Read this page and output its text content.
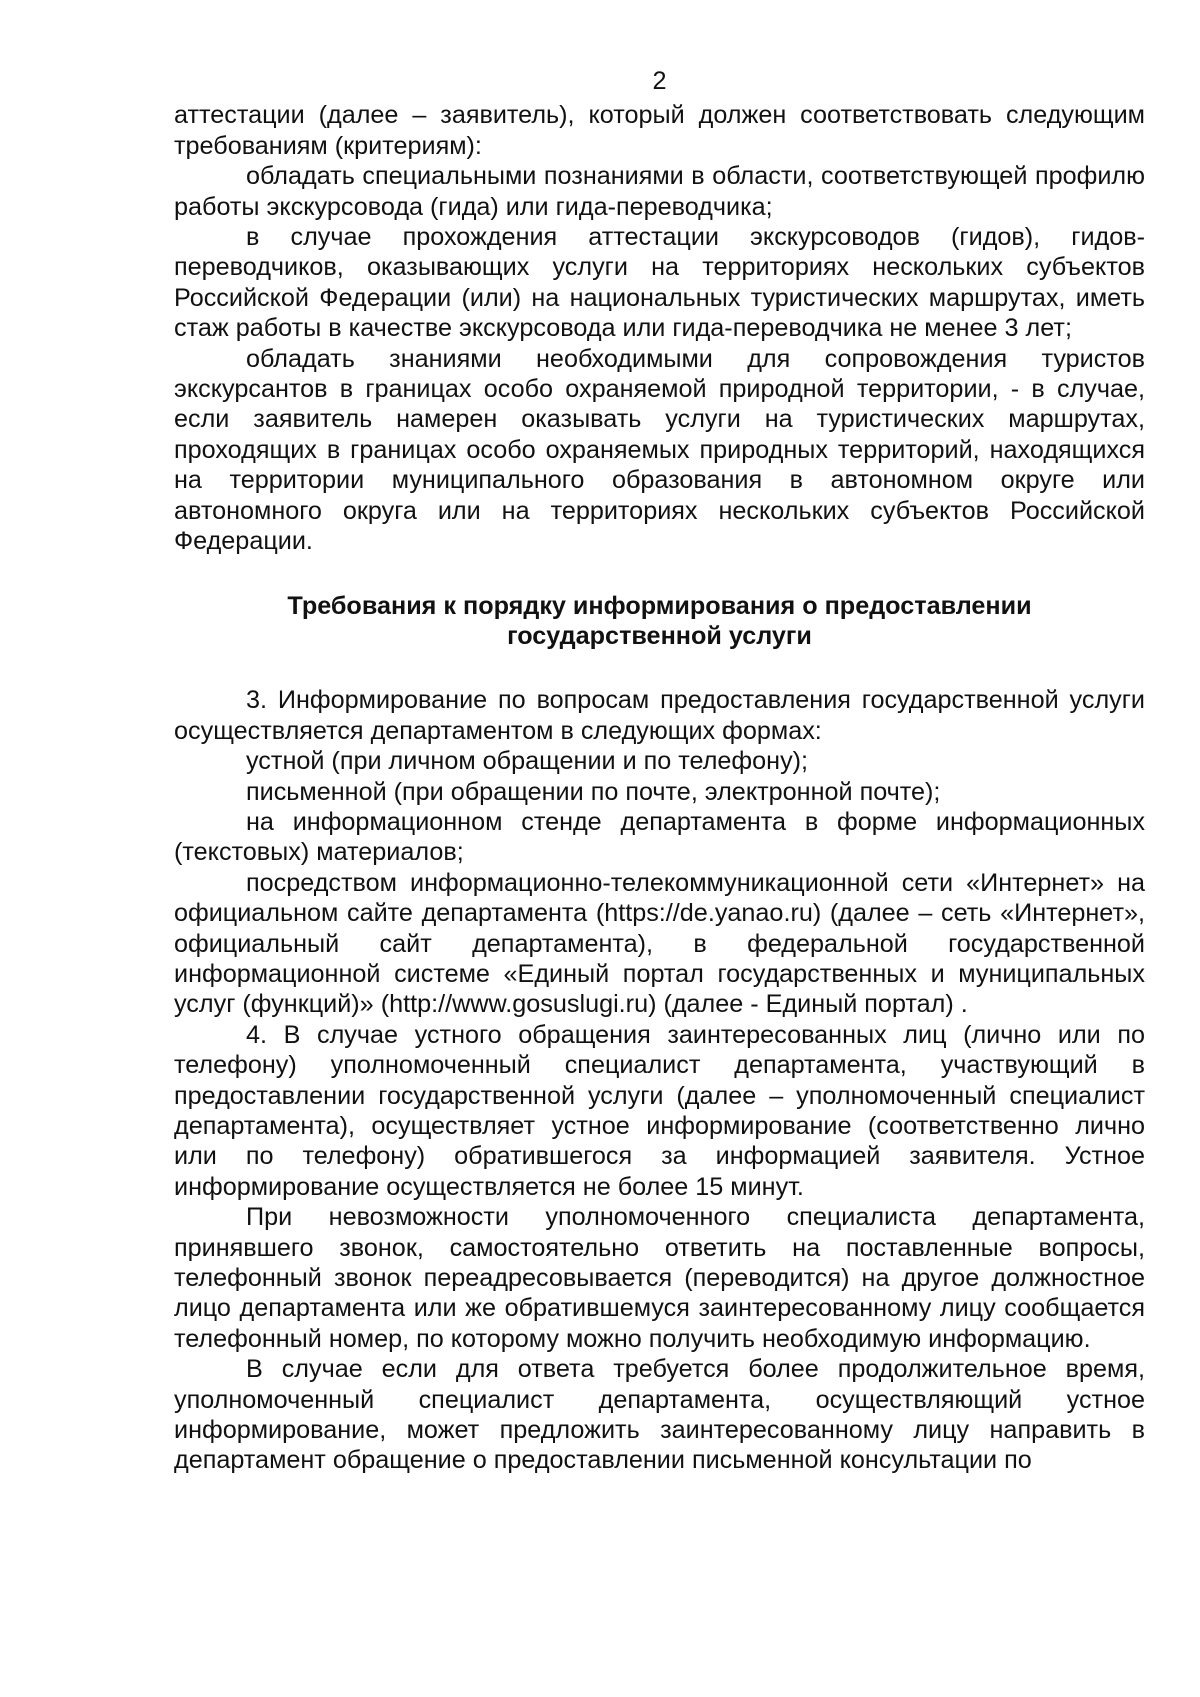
2

аттестации (далее – заявитель), который должен соответствовать следующим требованиям (критериям):

обладать специальными познаниями в области, соответствующей профилю работы экскурсовода (гида) или гида-переводчика;

в случае прохождения аттестации экскурсоводов (гидов), гидов-переводчиков, оказывающих услуги на территориях нескольких субъектов Российской Федерации (или) на национальных туристических маршрутах, иметь стаж работы в качестве экскурсовода или гида-переводчика не менее 3 лет;

обладать знаниями необходимыми для сопровождения туристов экскурсантов в границах особо охраняемой природной территории, - в случае, если заявитель намерен оказывать услуги на туристических маршрутах, проходящих в границах особо охраняемых природных территорий, находящихся на территории муниципального образования в автономном округе или автономного округа или на территориях нескольких субъектов Российской Федерации.

Требования к порядку информирования о предоставлении государственной услуги

3. Информирование по вопросам предоставления государственной услуги осуществляется департаментом в следующих формах:

устной (при личном обращении и по телефону);

письменной (при обращении по почте, электронной почте);

на информационном стенде департамента в форме информационных (текстовых) материалов;

посредством информационно-телекоммуникационной сети «Интернет» на официальном сайте департамента (https://de.yanao.ru) (далее – сеть «Интернет», официальный сайт департамента), в федеральной государственной информационной системе «Единый портал государственных и муниципальных услуг (функций)» (http://www.gosuslugi.ru) (далее - Единый портал) .

4. В случае устного обращения заинтересованных лиц (лично или по телефону) уполномоченный специалист департамента, участвующий в предоставлении государственной услуги (далее – уполномоченный специалист департамента), осуществляет устное информирование (соответственно лично или по телефону) обратившегося за информацией заявителя. Устное информирование осуществляется не более 15 минут.

При невозможности уполномоченного специалиста департамента, принявшего звонок, самостоятельно ответить на поставленные вопросы, телефонный звонок переадресовывается (переводится) на другое должностное лицо департамента или же обратившемуся заинтересованному лицу сообщается телефонный номер, по которому можно получить необходимую информацию.

В случае если для ответа требуется более продолжительное время, уполномоченный специалист департамента, осуществляющий устное информирование, может предложить заинтересованному лицу направить в департамент обращение о предоставлении письменной консультации по
